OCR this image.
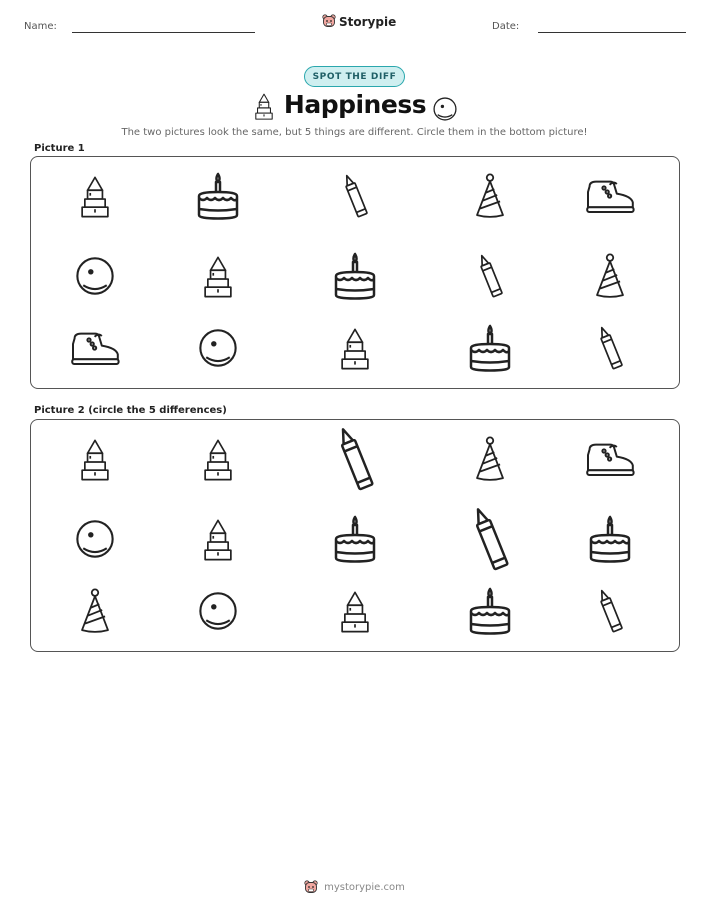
Name:	Storypie	Date:
SPOT THE DIFF
Happiness
The two pictures look the same, but 5 things are different. Circle them in the bottom picture!
Picture 1
Picture 2 (circle the 5 differences)
mystorypie.com
